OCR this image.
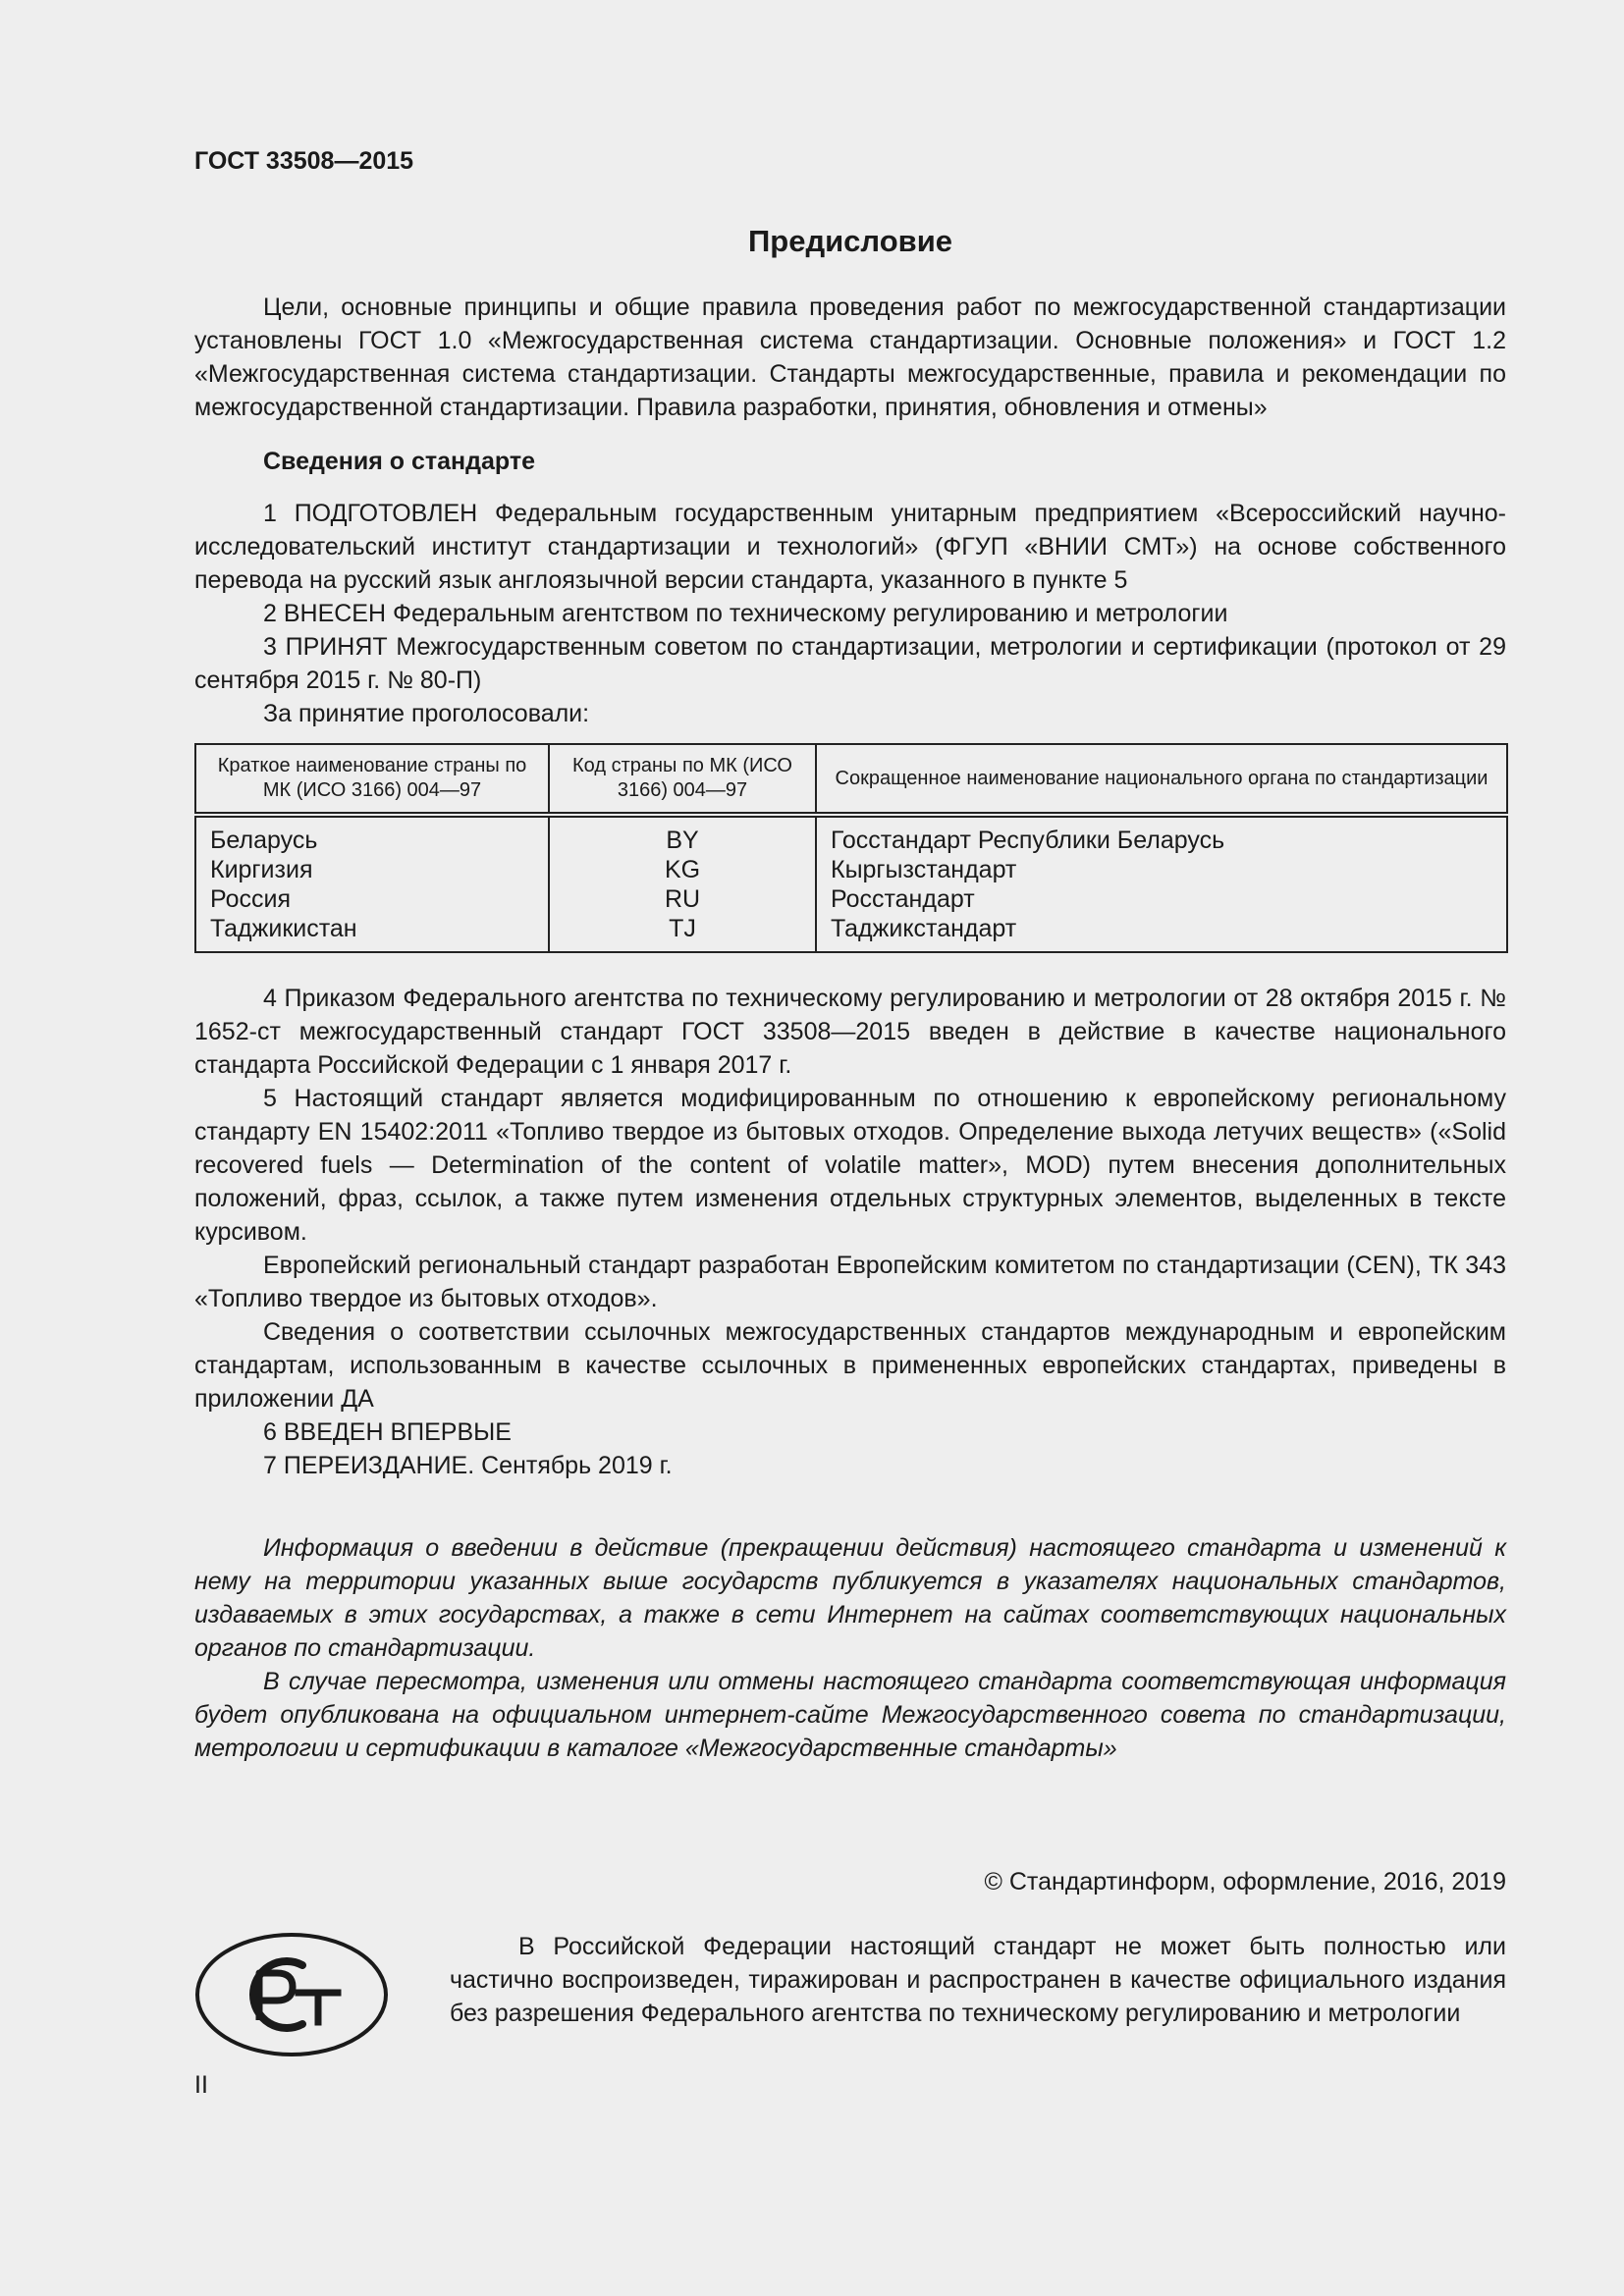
ГОСТ 33508—2015
Предисловие

Цели, основные принципы и общие правила проведения работ по межгосударственной стандартизации установлены ГОСТ 1.0 «Межгосударственная система стандартизации. Основные положения» и ГОСТ 1.2 «Межгосударственная система стандартизации. Стандарты межгосударственные, правила и рекомендации по межгосударственной стандартизации. Правила разработки, принятия, обновления и отмены»

Сведения о стандарте

1 ПОДГОТОВЛЕН Федеральным государственным унитарным предприятием «Всероссийский научно-исследовательский институт стандартизации и технологий» (ФГУП «ВНИИ СМТ») на основе собственного перевода на русский язык англоязычной версии стандарта, указанного в пункте 5

2 ВНЕСЕН Федеральным агентством по техническому регулированию и метрологии

3 ПРИНЯТ Межгосударственным советом по стандартизации, метрологии и сертификации (протокол от 29 сентября 2015 г. № 80-П)

За принятие проголосовали:

Краткое наименование страны по МК (ИСО 3166) 004—97	Код страны по МК (ИСО 3166) 004—97	Сокращенное наименование национального органа по стандартизации
Беларусь	BY	Госстандарт Республики Беларусь
Киргизия	KG	Кыргызстандарт
Россия	RU	Росстандарт
Таджикистан	TJ	Таджикстандарт

4 Приказом Федерального агентства по техническому регулированию и метрологии от 28 октября 2015 г. № 1652-ст межгосударственный стандарт ГОСТ 33508—2015 введен в действие в качестве национального стандарта Российской Федерации с 1 января 2017 г.

5 Настоящий стандарт является модифицированным по отношению к европейскому региональному стандарту EN 15402:2011 «Топливо твердое из бытовых отходов. Определение выхода летучих веществ» («Solid recovered fuels — Determination of the content of volatile matter», MOD) путем внесения дополнительных положений, фраз, ссылок, а также путем изменения отдельных структурных элементов, выделенных в тексте курсивом.

Европейский региональный стандарт разработан Европейским комитетом по стандартизации (CEN), ТК 343 «Топливо твердое из бытовых отходов».

Сведения о соответствии ссылочных межгосударственных стандартов международным и европейским стандартам, использованным в качестве ссылочных в примененных европейских стандартах, приведены в приложении ДА

6 ВВЕДЕН ВПЕРВЫЕ

7 ПЕРЕИЗДАНИЕ. Сентябрь 2019 г.

Информация о введении в действие (прекращении действия) настоящего стандарта и изменений к нему на территории указанных выше государств публикуется в указателях национальных стандартов, издаваемых в этих государствах, а также в сети Интернет на сайтах соответствующих национальных органов по стандартизации.

В случае пересмотра, изменения или отмены настоящего стандарта соответствующая информация будет опубликована на официальном интернет-сайте Межгосударственного совета по стандартизации, метрологии и сертификации в каталоге «Межгосударственные стандарты»

© Стандартинформ, оформление, 2016, 2019

В Российской Федерации настоящий стандарт не может быть полностью или частично воспроизведен, тиражирован и распространен в качестве официального издания без разрешения Федерального агентства по техническому регулированию и метрологии

II
